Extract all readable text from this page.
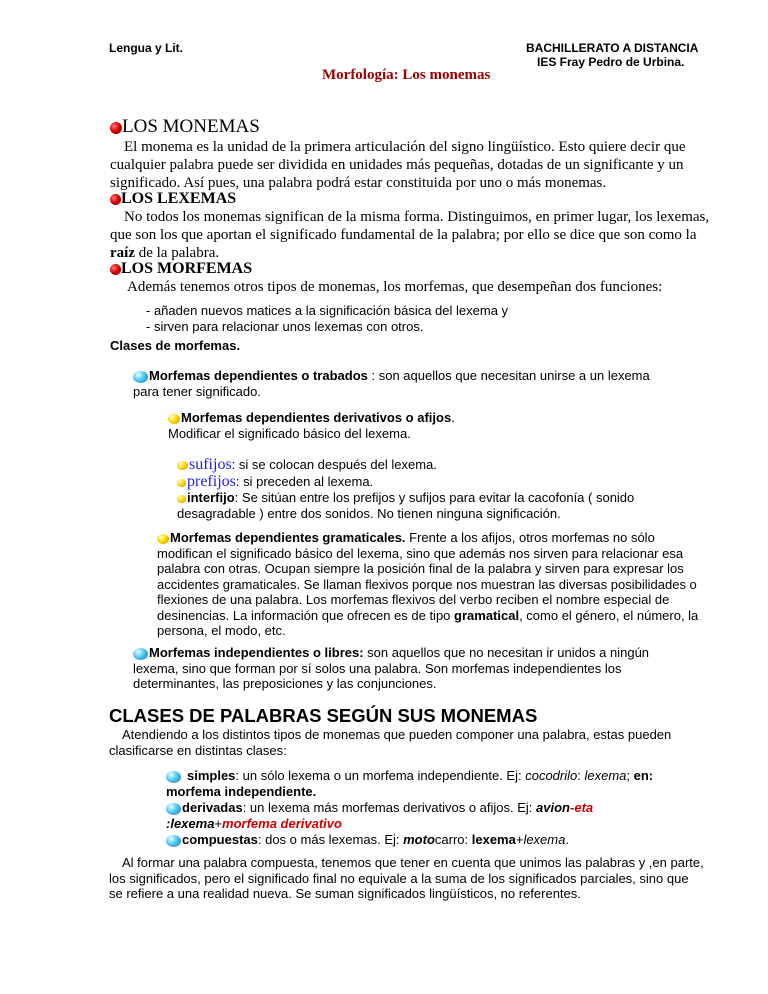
Lengua y Lit.	BACHILLERATO A DISTANCIA
IES Fray Pedro de Urbina.
Morfología: Los monemas
LOS MONEMAS

El monema es la unidad de la primera articulación del signo lingüístico. Esto quiere decir que

cualquier palabra puede ser dividida en unidades más pequeñas, dotadas de un significante y un

significado. Así pues, una palabra podrá estar constituida por uno o más monemas.

LOS LEXEMAS

No todos los monemas significan de la misma forma. Distinguimos, en primer lugar, los lexemas,

que son los que aportan el significado fundamental de la palabra; por ello se dice que son como la

raíz de la palabra.

LOS MORFEMAS
Además tenemos otros tipos de monemas, los morfemas, que desempeñan dos funciones:

- añaden nuevos matices a la significación básica del lexema y

- sirven para relacionar unos lexemas con otros.

Clases de morfemas.

Morfemas dependientes o trabados : son aquellos que necesitan unirse a un lexema

para tener significado.

Morfemas dependientes derivativos o afijos.

Modificar el significado básico del lexema.

sufijos: si se colocan después del lexema.

prefijos: si preceden al lexema.

interfijo: Se sitúan entre los prefijos y sufijos para evitar la cacofonía ( sonido

desagradable ) entre dos sonidos. No tienen ninguna significación.

Morfemas dependientes gramaticales. Frente a los afijos, otros morfemas no sólo

modifican el significado básico del lexema, sino que además nos sirven para relacionar esa

palabra con otras. Ocupan siempre la posición final de la palabra y sirven para expresar los

accidentes gramaticales. Se llaman flexivos porque nos muestran las diversas posibilidades o

flexiones de una palabra. Los morfemas flexivos del verbo reciben el nombre especial de

desinencias. La información que ofrecen es de tipo gramatical, como el género, el número, la

persona, el modo, etc.

Morfemas independientes o libres: son aquellos que no necesitan ir unidos a ningún

lexema, sino que forman por sí solos una palabra. Son morfemas independientes los

determinantes, las preposiciones y las conjunciones.

CLASES DE PALABRAS SEGÚN SUS MONEMAS

Atendiendo a los distintos tipos de monemas que pueden componer una palabra, estas pueden

clasificarse en distintas clases:

simples: un sólo lexema o un morfema independiente. Ej: cocodrilo: lexema; en:

morfema independiente.

derivadas: un lexema más morfemas derivativos o afijos. Ej: avion-eta

:lexema+morfema derivativo

compuestas: dos o más lexemas. Ej: motocarro: lexema+lexema.

Al formar una palabra compuesta, tenemos que tener en cuenta que unimos las palabras y ,en parte,

los significados, pero el significado final no equivale a la suma de los significados parciales, sino que

se refiere a una realidad nueva. Se suman significados lingüísticos, no referentes.
